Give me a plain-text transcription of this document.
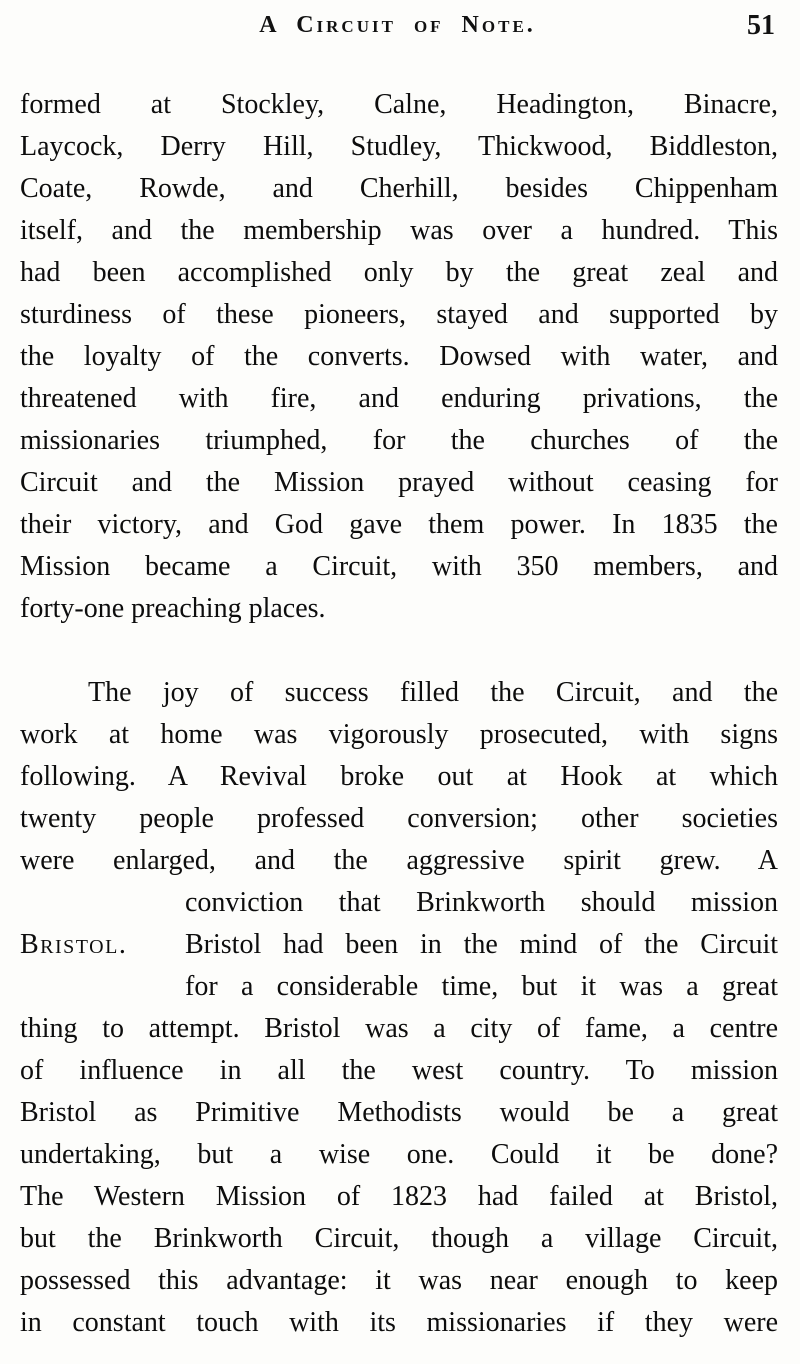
A Circuit of Note.	51
formed at Stockley, Calne, Headington, Binacre,
Laycock, Derry Hill, Studley, Thickwood, Biddleston,
Coate, Rowde, and Cherhill, besides Chippenham
itself, and the membership was over a hundred. This
had been accomplished only by the great zeal and
sturdiness of these pioneers, stayed and supported by
the loyalty of the converts. Dowsed with water, and
threatened with fire, and enduring privations, the
missionaries triumphed, for the churches of the
Circuit and the Mission prayed without ceasing for
their victory, and God gave them power. In 1835 the
Mission became a Circuit, with 350 members, and
forty-one preaching places.
The joy of success filled the Circuit, and the
work at home was vigorously prosecuted, with signs
following. A Revival broke out at Hook at which
twenty people professed conversion; other societies
were enlarged, and the aggressive spirit grew. A
conviction that Brinkworth should mission
Bristol.	Bristol had been in the mind of the Circuit
for a considerable time, but it was a great
thing to attempt. Bristol was a city of fame, a centre
of influence in all the west country. To mission
Bristol as Primitive Methodists would be a great
undertaking, but a wise one. Could it be done?
The Western Mission of 1823 had failed at Bristol,
but the Brinkworth Circuit, though a village Circuit,
possessed this advantage: it was near enough to keep
in constant touch with its missionaries if they were
